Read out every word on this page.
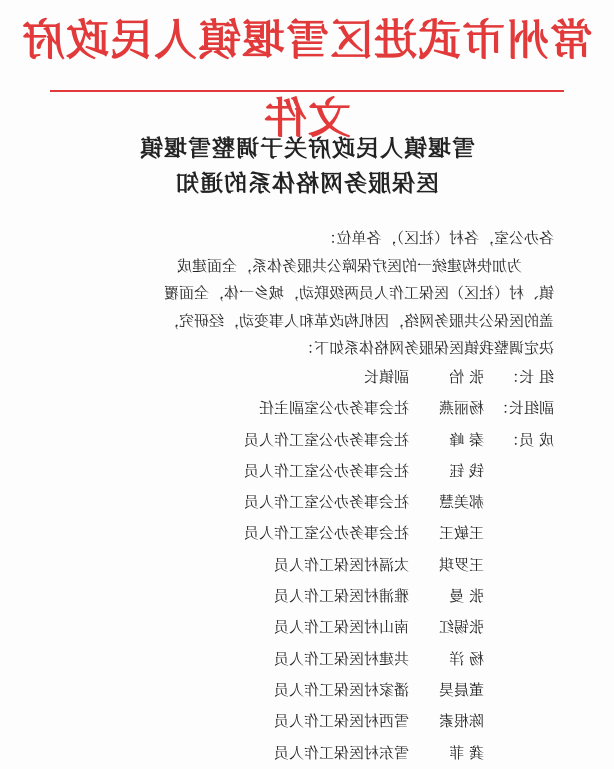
常州市武进区雪堰镇人民政府文件
雪堰镇人民政府关于调整雪堰镇
医保服务网格体系的通知

各办公室，各村（社区），各单位：

为加快构建统一的医疗保障公共服务体系，全面建成

镇、村（社区）医保工作人员两级联动，城乡一体，全面覆

盖的医保公共服务网络，因机构改革和人事变动，经研究，

决定调整我镇医保服务网格体系如下：

组 长：
张 怡
副镇长
副组长：
杨丽燕
社会事务办公室副主任
成 员：
秦 峰
社会事务办公室工作人员
钱 钰
社会事务办公室工作人员
郝美慧
社会事务办公室工作人员
王敏王
社会事务办公室工作人员
王罗琪
太滆村医保工作人员
张 曼
雅浦村医保工作人员
张锡红
南山村医保工作人员
杨 洋
共建村医保工作人员
董晨昊
潘家村医保工作人员
陈根素
雪西村医保工作人员
龚 菲
雪东村医保工作人员
